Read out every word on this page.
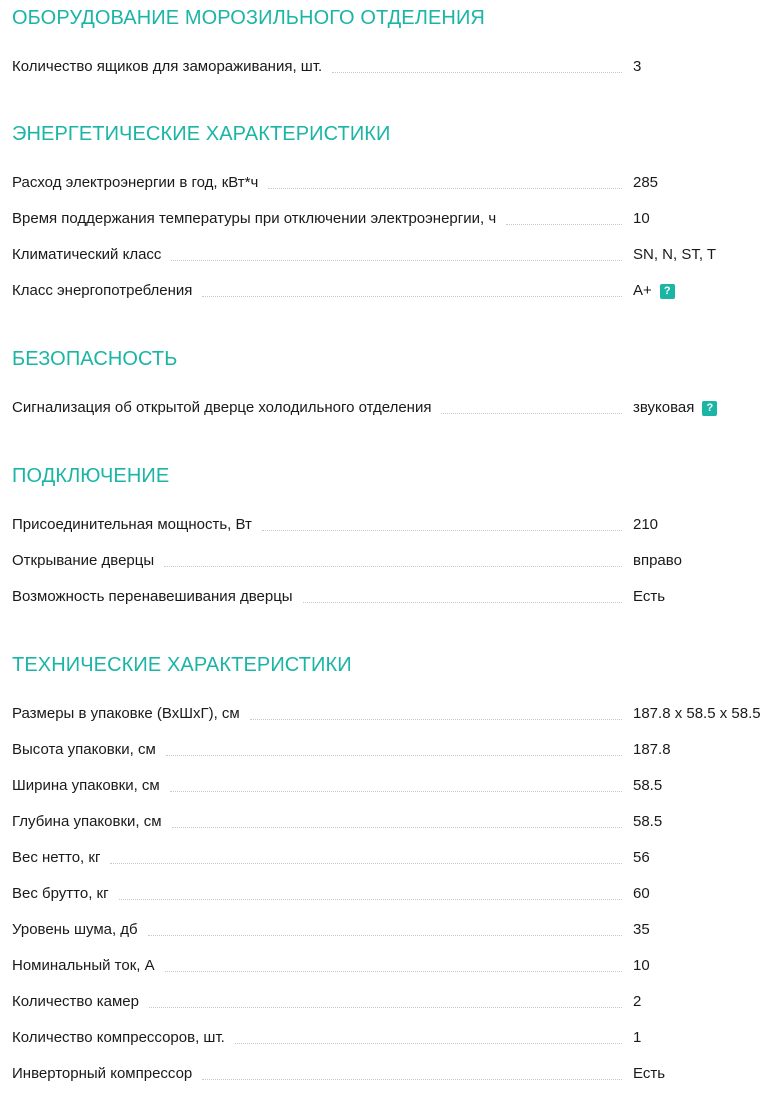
ОБОРУДОВАНИЕ МОРОЗИЛЬНОГО ОТДЕЛЕНИЯ
Количество ящиков для замораживания, шт.	3
ЭНЕРГЕТИЧЕСКИЕ ХАРАКТЕРИСТИКИ
Расход электроэнергии в год, кВт*ч	285
Время поддержания температуры при отключении электроэнергии, ч	10
Климатический класс	SN, N, ST, T
Класс энергопотребления	A+	?
БЕЗОПАСНОСТЬ
Сигнализация об открытой дверце холодильного отделения	звуковая	?
ПОДКЛЮЧЕНИЕ
Присоединительная мощность, Вт	210
Открывание дверцы	вправо
Возможность перенавешивания дверцы	Есть
ТЕХНИЧЕСКИЕ ХАРАКТЕРИСТИКИ
Размеры в упаковке (ВхШхГ), см	187.8 x 58.5 x 58.5
Высота упаковки, см	187.8
Ширина упаковки, см	58.5
Глубина упаковки, см	58.5
Вес нетто, кг	56
Вес брутто, кг	60
Уровень шума, дб	35
Номинальный ток, А	10
Количество камер	2
Количество компрессоров, шт.	1
Инверторный компрессор	Есть
